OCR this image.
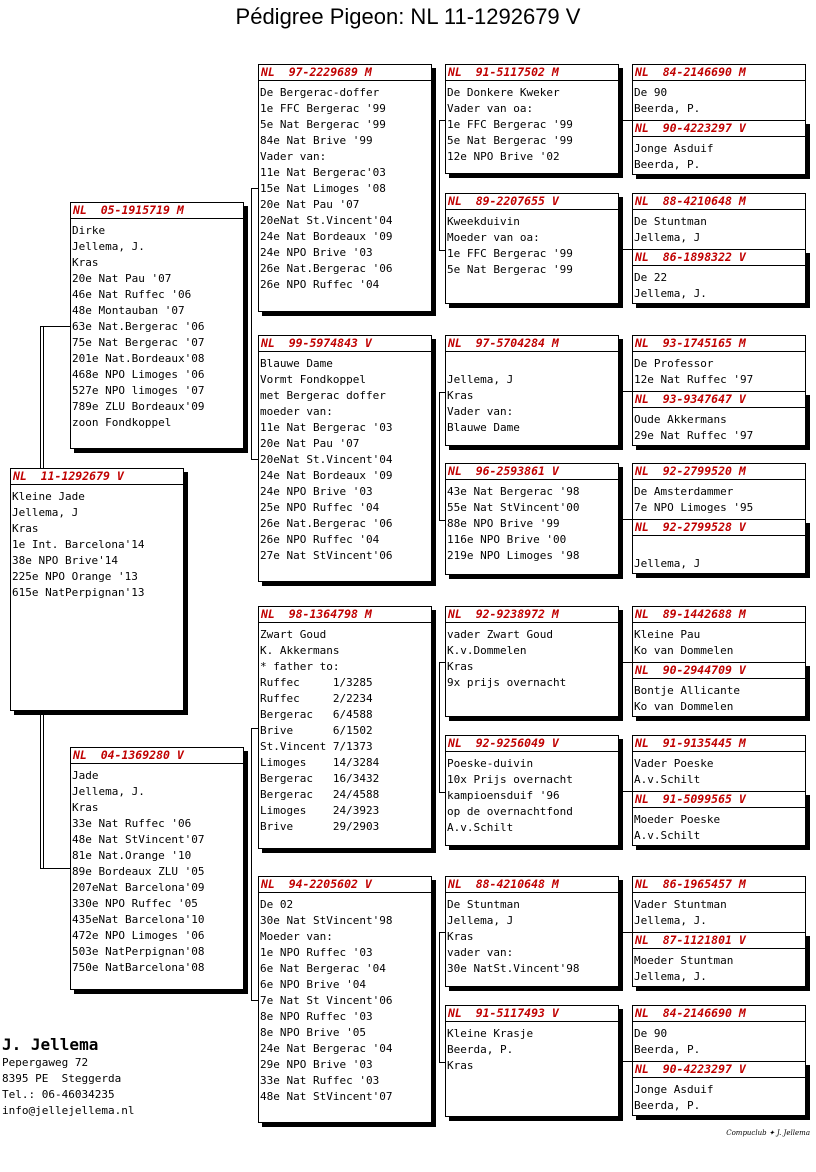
Pédigree Pigeon: NL 11-1292679 V
NL  11-1292679 V
Kleine Jade
Jellema, J
Kras
1e Int. Barcelona'14
38e NPO Brive'14
225e NPO Orange '13
615e NatPerpignan'13
NL  05-1915719 M
Dirke
Jellema, J.
Kras
20e Nat Pau '07
46e Nat Ruffec '06
48e Montauban '07
63e Nat.Bergerac '06
75e Nat Bergerac '07
201e Nat.Bordeaux'08
468e NPO Limoges '06
527e NPO limoges '07
789e ZLU Bordeaux'09
zoon Fondkoppel
NL  04-1369280 V
Jade
Jellema, J.
Kras
33e Nat Ruffec '06
48e Nat StVincent'07
81e Nat.Orange '10
89e Bordeaux ZLU '05
207eNat Barcelona'09
330e NPO Ruffec '05
435eNat Barcelona'10
472e NPO Limoges '06
503e NatPerpignan'08
750e NatBarcelona'08
NL  97-2229689 M
De Bergerac-doffer
1e FFC Bergerac '99
5e Nat Bergerac '99
84e Nat Brive '99
Vader van:
11e Nat Bergerac'03
15e Nat Limoges '08
20e Nat Pau '07
20eNat St.Vincent'04
24e Nat Bordeaux '09
24e NPO Brive '03
26e Nat.Bergerac '06
26e NPO Ruffec '04
NL  99-5974843 V
Blauwe Dame
Vormt Fondkoppel
met Bergerac doffer
moeder van:
11e Nat Bergerac '03
20e Nat Pau '07
20eNat St.Vincent'04
24e Nat Bordeaux '09
24e NPO Brive '03
25e NPO Ruffec '04
26e Nat.Bergerac '06
26e NPO Ruffec '04
27e Nat StVincent'06
NL  98-1364798 M
Zwart Goud
K. Akkermans
* father to:
Ruffec     1/3285
Ruffec     2/2234
Bergerac   6/4588
Brive      6/1502
St.Vincent 7/1373
Limoges    14/3284
Bergerac   16/3432
Bergerac   24/4588
Limoges    24/3923
Brive      29/2903
NL  94-2205602 V
De 02
30e Nat StVincent'98
Moeder van:
1e NPO Ruffec '03
6e Nat Bergerac '04
6e NPO Brive '04
7e Nat St Vincent'06
8e NPO Ruffec '03
8e NPO Brive '05
24e Nat Bergerac '04
29e NPO Brive '03
33e Nat Ruffec '03
48e Nat StVincent'07
NL  91-5117502 M
De Donkere Kweker
Vader van oa:
1e FFC Bergerac '99
5e Nat Bergerac '99
12e NPO Brive '02
NL  89-2207655 V
Kweekduivin
Moeder van oa:
1e FFC Bergerac '99
5e Nat Bergerac '99
NL  97-5704284 M
Jellema, J
Kras
Vader van:
Blauwe Dame
NL  96-2593861 V
43e Nat Bergerac '98
55e Nat StVincent'00
88e NPO Brive '99
116e NPO Brive '00
219e NPO Limoges '98
NL  92-9238972 M
vader Zwart Goud
K.v.Dommelen
Kras
9x prijs overnacht
NL  92-9256049 V
Poeske-duivin
10x Prijs overnacht
kampioensduif '96
op de overnachtfond
A.v.Schilt
NL  88-4210648 M
De Stuntman
Jellema, J
Kras
vader van:
30e NatSt.Vincent'98
NL  91-5117493 V
Kleine Krasje
Beerda, P.
Kras
NL  84-2146690 M
De 90
Beerda, P.
NL  90-4223297 V
Jonge Asduif
Beerda, P.
NL  88-4210648 M
De Stuntman
Jellema, J
NL  86-1898322 V
De 22
Jellema, J.
NL  93-1745165 M
De Professor
12e Nat Ruffec '97
NL  93-9347647 V
Oude Akkermans
29e Nat Ruffec '97
NL  92-2799520 M
De Amsterdammer
7e NPO Limoges '95
NL  92-2799528 V
Jellema, J
NL  89-1442688 M
Kleine Pau
Ko van Dommelen
NL  90-2944709 V
Bontje Allicante
Ko van Dommelen
NL  91-9135445 M
Vader Poeske
A.v.Schilt
NL  91-5099565 V
Moeder Poeske
A.v.Schilt
NL  86-1965457 M
Vader Stuntman
Jellema, J.
NL  87-1121801 V
Moeder Stuntman
Jellema, J.
NL  84-2146690 M
De 90
Beerda, P.
NL  90-4223297 V
Jonge Asduif
Beerda, P.
J. Jellema
Pepergaweg 72
8395 PE  Steggerda
Tel.: 06-46034235
info@jellejellema.nl
Compuclub ✦ J. Jellema
